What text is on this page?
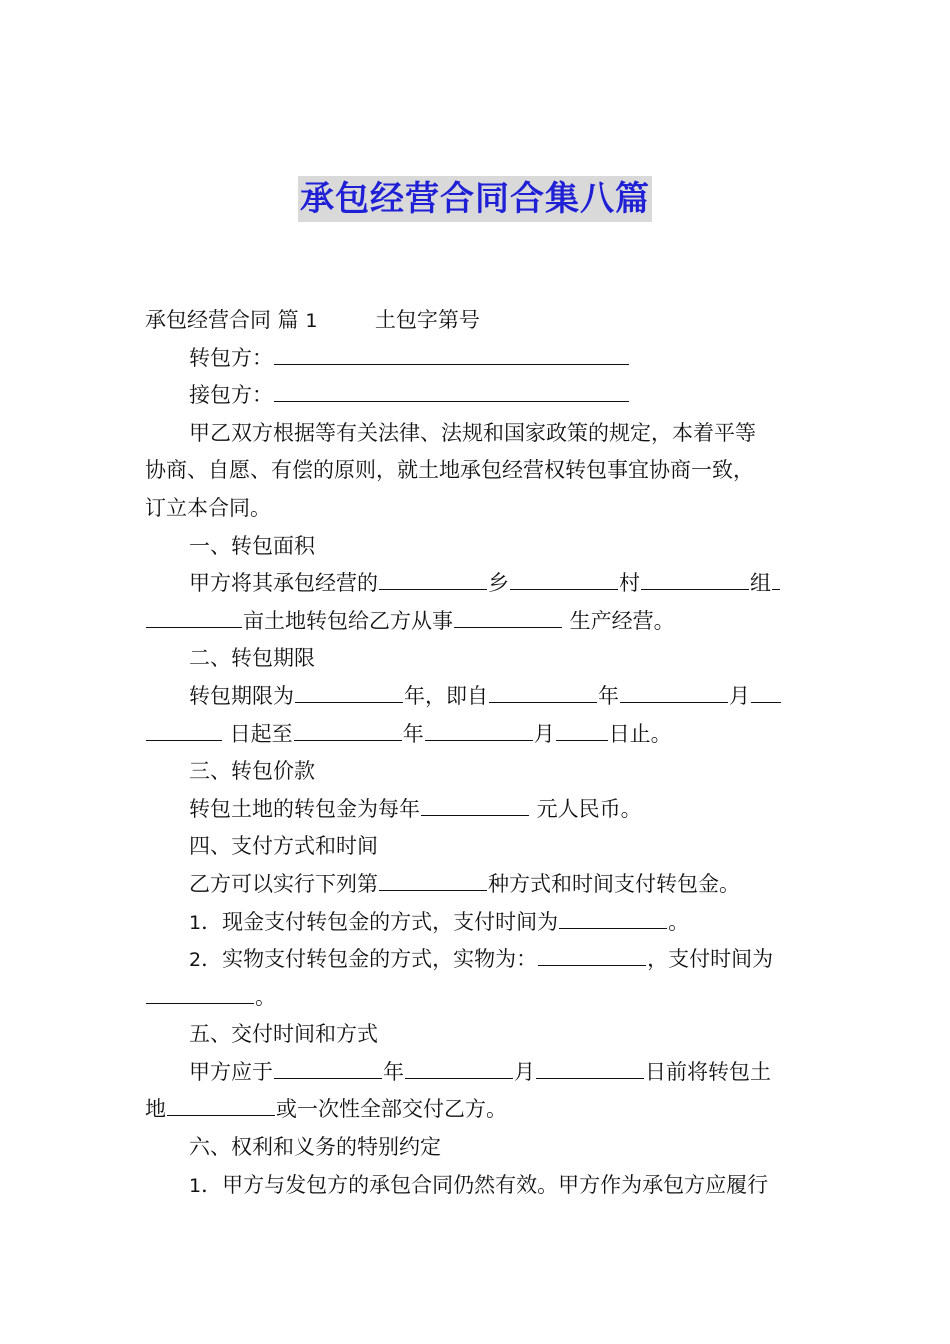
承包经营合同合集八篇
承包经营合同 篇 1	土包字第号
转包方：
接包方：
甲乙双方根据等有关法律、法规和国家政策的规定，本着平等
协商、自愿、有偿的原则，就土地承包经营权转包事宜协商一致，
订立本合同。
一、转包面积
甲方将其承包经营的	乡	村	组
亩土地转包给乙方从事	生产经营。
二、转包期限
转包期限为	年，即自	年	月
日起至	年	月	日止。
三、转包价款
转包土地的转包金为每年	元人民币。
四、支付方式和时间
乙方可以实行下列第	种方式和时间支付转包金。
1．现金支付转包金的方式，支付时间为	。
2．实物支付转包金的方式，实物为：	，支付时间为
。
五、交付时间和方式
甲方应于	年	月	日前将转包土
地	或一次性全部交付乙方。
六、权利和义务的特别约定
1．甲方与发包方的承包合同仍然有效。甲方作为承包方应履行
